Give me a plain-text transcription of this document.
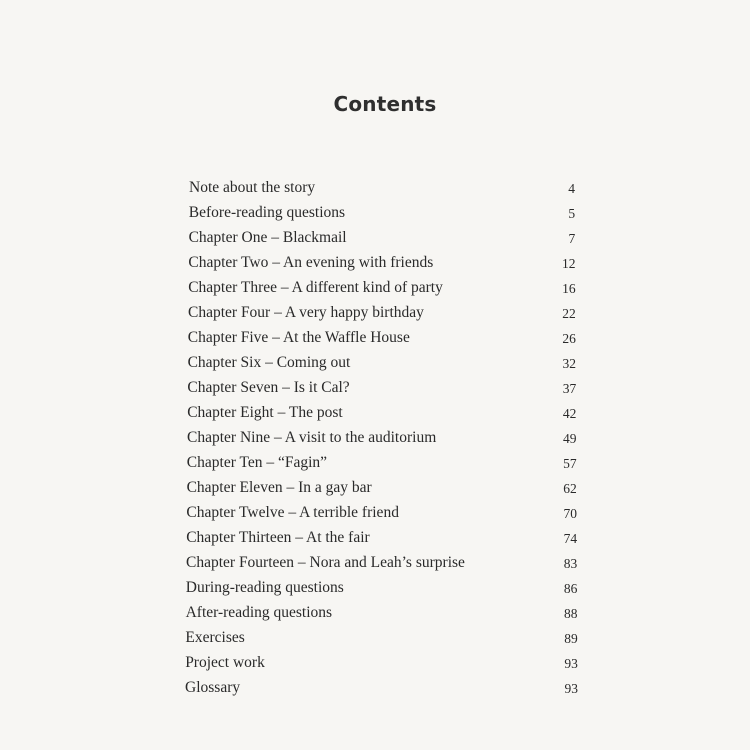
Contents
Note about the story	4
Before-reading questions	5
Chapter One – Blackmail	7
Chapter Two – An evening with friends	12
Chapter Three – A different kind of party	16
Chapter Four – A very happy birthday	22
Chapter Five – At the Waffle House	26
Chapter Six – Coming out	32
Chapter Seven – Is it Cal?	37
Chapter Eight – The post	42
Chapter Nine – A visit to the auditorium	49
Chapter Ten – “Fagin”	57
Chapter Eleven – In a gay bar	62
Chapter Twelve – A terrible friend	70
Chapter Thirteen – At the fair	74
Chapter Fourteen – Nora and Leah’s surprise	83
During-reading questions	86
After-reading questions	88
Exercises	89
Project work	93
Glossary	93
